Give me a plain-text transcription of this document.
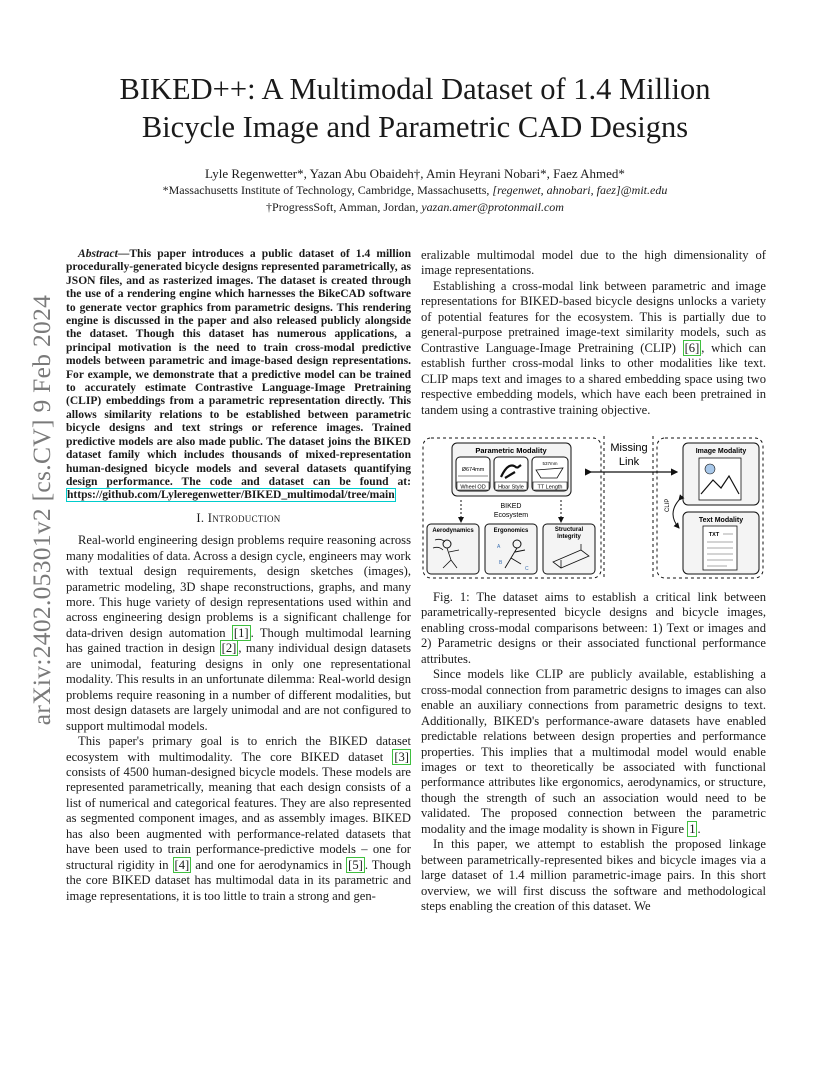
arXiv:2402.05301v2 [cs.CV] 9 Feb 2024
BIKED++: A Multimodal Dataset of 1.4 Million Bicycle Image and Parametric CAD Designs
Lyle Regenwetter*, Yazan Abu Obaideh†, Amin Heyrani Nobari*, Faez Ahmed*
*Massachusetts Institute of Technology, Cambridge, Massachusetts, [regenwet, ahnobari, faez]@mit.edu
†ProgressSoft, Amman, Jordan, yazan.amer@protonmail.com

Abstract—This paper introduces a public dataset of 1.4 million procedurally-generated bicycle designs represented parametrically, as JSON files, and as rasterized images. The dataset is created through the use of a rendering engine which harnesses the BikeCAD software to generate vector graphics from parametric designs. This rendering engine is discussed in the paper and also released publicly alongside the dataset. Though this dataset has numerous applications, a principal motivation is the need to train cross-modal predictive models between parametric and image-based design representations. For example, we demonstrate that a predictive model can be trained to accurately estimate Contrastive Language-Image Pretraining (CLIP) embeddings from a parametric representation directly. This allows similarity relations to be established between parametric bicycle designs and text strings or reference images. Trained predictive models are also made public. The dataset joins the BIKED dataset family which includes thousands of mixed-representation human-designed bicycle models and several datasets quantifying design performance. The code and dataset can be found at: https://github.com/Lyleregenwetter/BIKED_multimodal/tree/main

I. Introduction

Real-world engineering design problems require reasoning across many modalities of data. Across a design cycle, engineers may work with textual design requirements, design sketches (images), parametric modeling, 3D shape reconstructions, graphs, and many more. This huge variety of design representations used within and across engineering design problems is a significant challenge for data-driven design automation [1] . Though multimodal learning has gained traction in design [2] , many individual design datasets are unimodal, featuring designs in only one representational modality. This results in an unfortunate dilemma: Real-world design problems require reasoning in a number of different modalities, but most design datasets are largely unimodal and are not configured to support multimodal models.

This paper's primary goal is to enrich the BIKED dataset ecosystem with multimodality. The core BIKED dataset [3] consists of 4500 human-designed bicycle models. These models are represented parametrically, meaning that each design consists of a list of numerical and categorical features. They are also represented as segmented component images, and as assembly images. BIKED has also been augmented with performance-related datasets that have been used to train performance-predictive models – one for structural rigidity in [4] and one for aerodynamics in [5] . Though the core BIKED dataset has multimodal data in its parametric and image representations, it is too little to train a strong and gen-

eralizable multimodal model due to the high dimensionality of image representations.

Establishing a cross-modal link between parametric and image representations for BIKED-based bicycle designs unlocks a variety of potential features for the ecosystem. This is partially due to general-purpose pretrained image-text similarity models, such as Contrastive Language-Image Pretraining (CLIP) [6] , which can establish further cross-modal links to other modalities like text. CLIP maps text and images to a shared embedding space using two respective embedding models, which have each been pretrained in tandem using a contrastive training objective.

Parametric Modality
Ø674mm
Wheel OD Hbar Style
537mm
TT Length
BIKED
Ecosystem
Aerodynamics	Ergonomics
A
B
C
Structural
Integrity
Missing
Link
Image Modality
CLIP
Text Modality
TXT

Fig. 1: The dataset aims to establish a critical link between parametrically-represented bicycle designs and bicycle images, enabling cross-modal comparisons between: 1) Text or images and 2) Parametric designs or their associated functional performance attributes.

Since models like CLIP are publicly available, establishing a cross-modal connection from parametric designs to images can also enable an auxiliary connections from parametric designs to text. Additionally, BIKED's performance-aware datasets have enabled predictable relations between design properties and performance properties. This implies that a multimodal model would enable images or text to theoretically be associated with functional performance attributes like ergonomics, aerodynamics, or structure, though the strength of such an association would need to be validated. The proposed connection between the parametric modality and the image modality is shown in Figure 1 .

In this paper, we attempt to establish the proposed linkage between parametrically-represented bikes and bicycle images via a large dataset of 1.4 million parametric-image pairs. In this short overview, we will first discuss the software and methodological steps enabling the creation of this dataset. We
